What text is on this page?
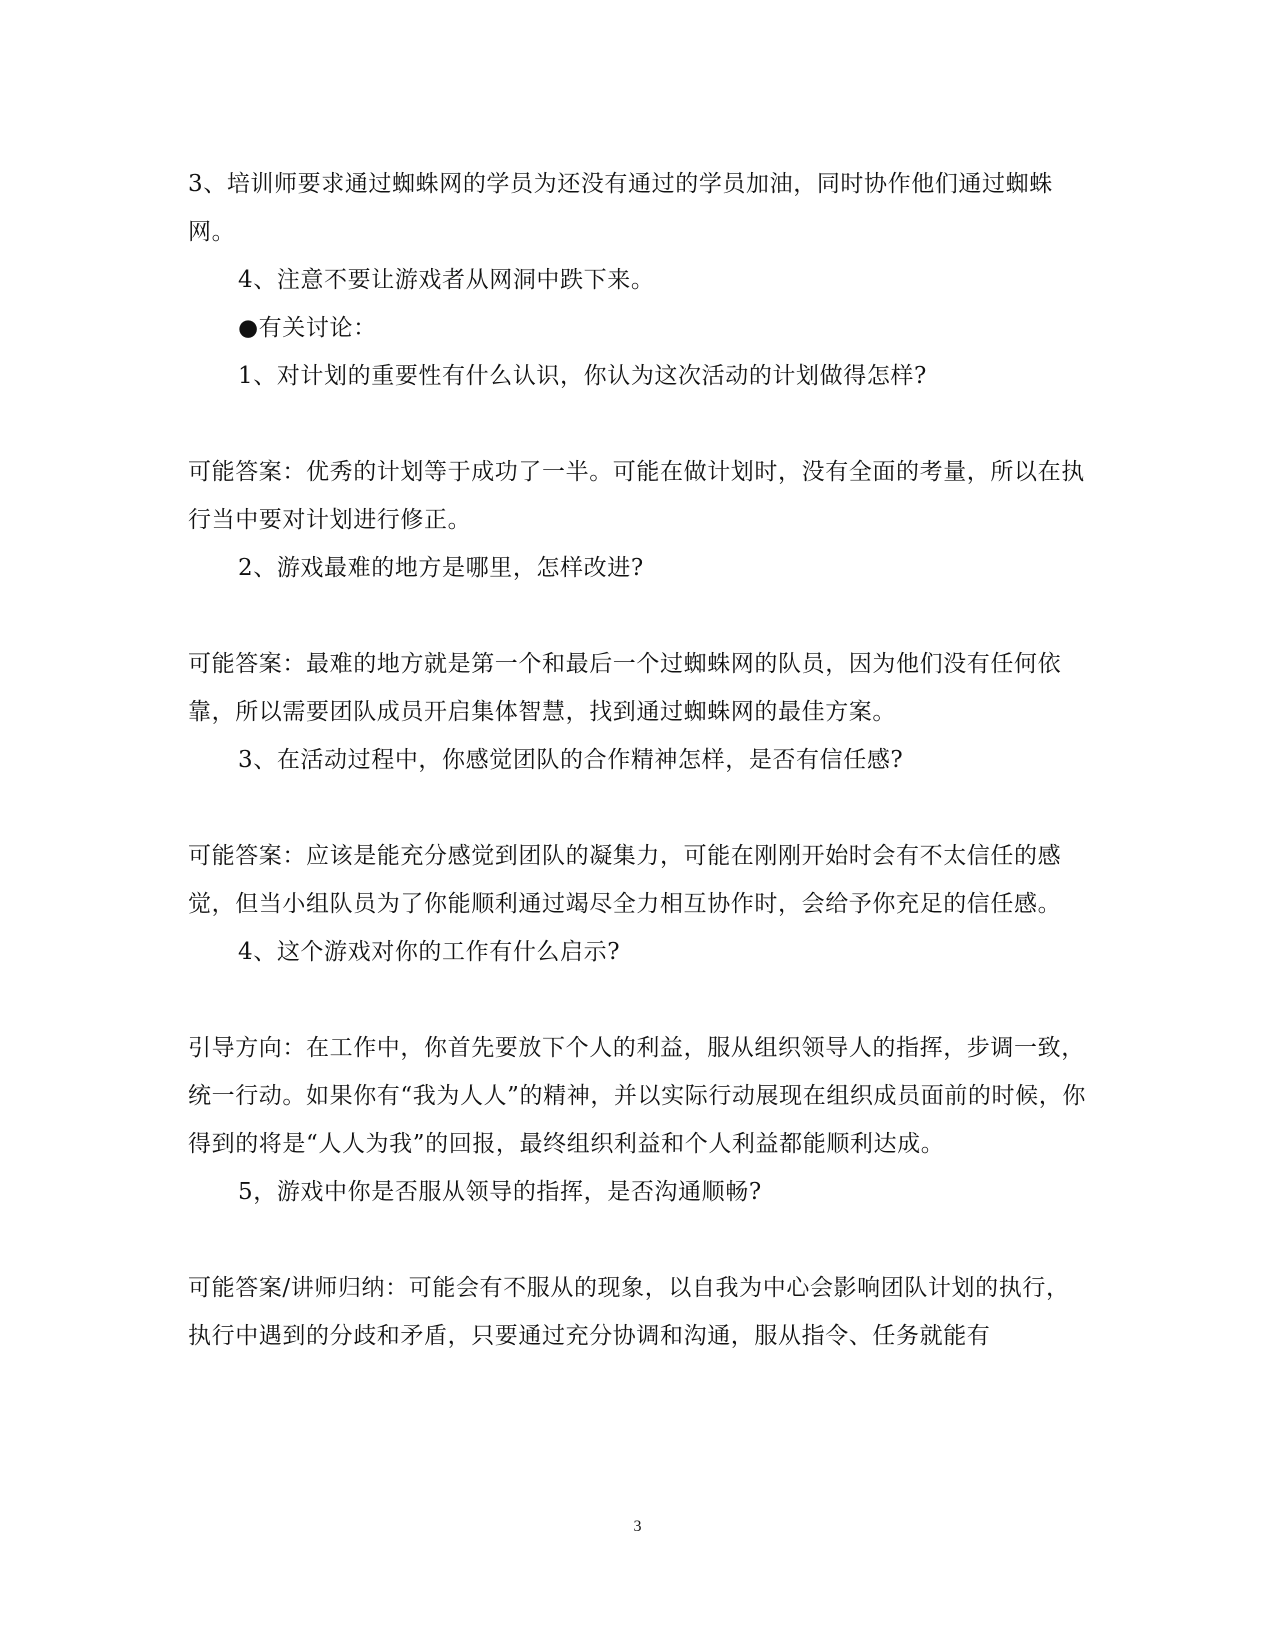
3、培训师要求通过蜘蛛网的学员为还没有通过的学员加油，同时协作他们通过蜘蛛网。

4、注意不要让游戏者从网洞中跌下来。

●有关讨论：

1、对计划的重要性有什么认识，你认为这次活动的计划做得怎样?

可能答案：优秀的计划等于成功了一半。可能在做计划时，没有全面的考量，所以在执行当中要对计划进行修正。

2、游戏最难的地方是哪里，怎样改进?

可能答案：最难的地方就是第一个和最后一个过蜘蛛网的队员，因为他们没有任何依靠，所以需要团队成员开启集体智慧，找到通过蜘蛛网的最佳方案。

3、在活动过程中，你感觉团队的合作精神怎样，是否有信任感?

可能答案：应该是能充分感觉到团队的凝集力，可能在刚刚开始时会有不太信任的感觉，但当小组队员为了你能顺利通过竭尽全力相互协作时，会给予你充足的信任感。

4、这个游戏对你的工作有什么启示?

引导方向：在工作中，你首先要放下个人的利益，服从组织领导人的指挥，步调一致，统一行动。如果你有“我为人人”的精神，并以实际行动展现在组织成员面前的时候，你得到的将是“人人为我”的回报，最终组织利益和个人利益都能顺利达成。

5，游戏中你是否服从领导的指挥，是否沟通顺畅?

可能答案/讲师归纳：可能会有不服从的现象，以自我为中心会影响团队计划的执行，执行中遇到的分歧和矛盾，只要通过充分协调和沟通，服从指令、任务就能有

3
